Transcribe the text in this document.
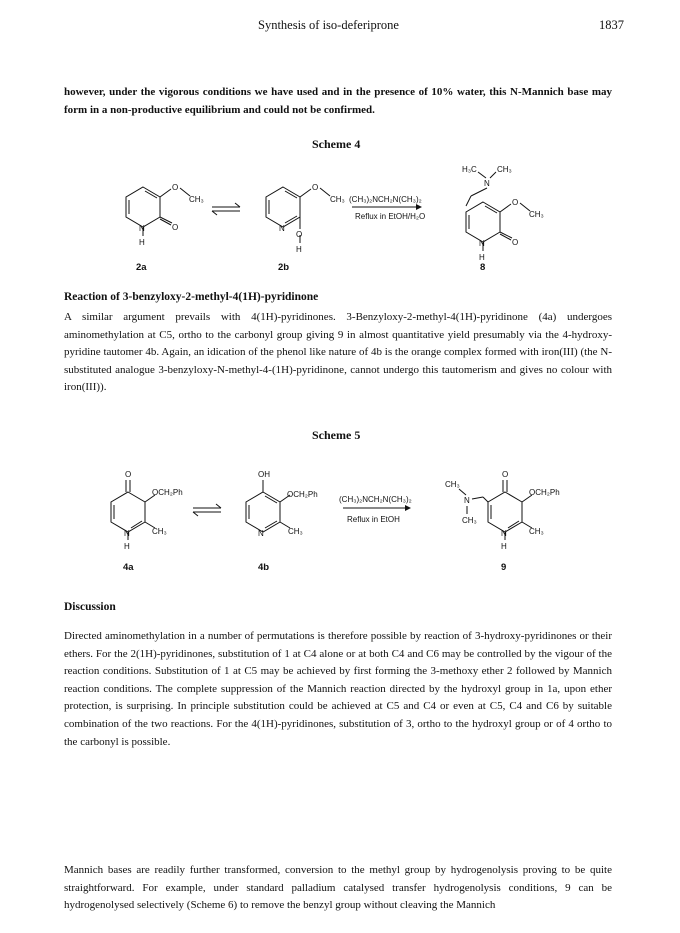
Synthesis of iso-deferiprone	1837

however, under the vigorous conditions we have used and in the presence of 10% water, this N-Mannich base may form in a non-productive equilibrium and could not be confirmed.

Scheme 4
O
CH₃
O
N
H
O
CH₃
N
O
H
(CH₃)₂NCH₂N(CH₃)₂
Reflux in EtOH/H₂O
H₃C	CH₃
N
O
CH₃
O
N
H
2a	2b	8
Reaction of 3-benzyloxy-2-methyl-4(1H)-pyridinone

A similar argument prevails with 4(1H)-pyridinones. 3-Benzyloxy-2-methyl-4(1H)-pyridinone (4a) undergoes aminomethylation at C5, ortho to the carbonyl group giving 9 in almost quantitative yield presumably via the 4-hydroxy-pyridine tautomer 4b. Again, an idication of the phenol like nature of 4b is the orange complex formed with iron(III) (the N-substituted analogue 3-benzyloxy-N-methyl-4-(1H)-pyridinone, cannot undergo this tautomerism and gives no colour with iron(III)).

Scheme 5
O
OCH₂Ph
CH₃
N
H
OH
OCH₂Ph
CH₃
N
(CH₃)₂NCH₂N(CH₃)₂
Reflux in EtOH
CH₃
N
CH₃
O
OCH₂Ph
CH₃
N
H
4a	4b	9
Discussion

Directed aminomethylation in a number of permutations is therefore possible by reaction of 3-hydroxy-pyridinones or their ethers. For the 2(1H)-pyridinones, substitution of 1 at C4 alone or at both C4 and C6 may be controlled by the vigour of the reaction conditions. Substitution of 1 at C5 may be achieved by first forming the 3-methoxy ether 2 followed by Mannich reaction conditions. The complete suppression of the Mannich reaction directed by the hydroxyl group in 1a, upon ether protection, is surprising. In principle substitution could be achieved at C5 and C4 or even at C5, C4 and C6 by suitable combination of the two reactions. For the 4(1H)-pyridinones, substitution of 3, ortho to the hydroxyl group or of 4 ortho to the carbonyl is possible.

Mannich bases are readily further transformed, conversion to the methyl group by hydrogenolysis proving to be quite straightforward. For example, under standard palladium catalysed transfer hydrogenolysis conditions, 9 can be hydrogenolysed selectively (Scheme 6) to remove the benzyl group without cleaving the Mannich
